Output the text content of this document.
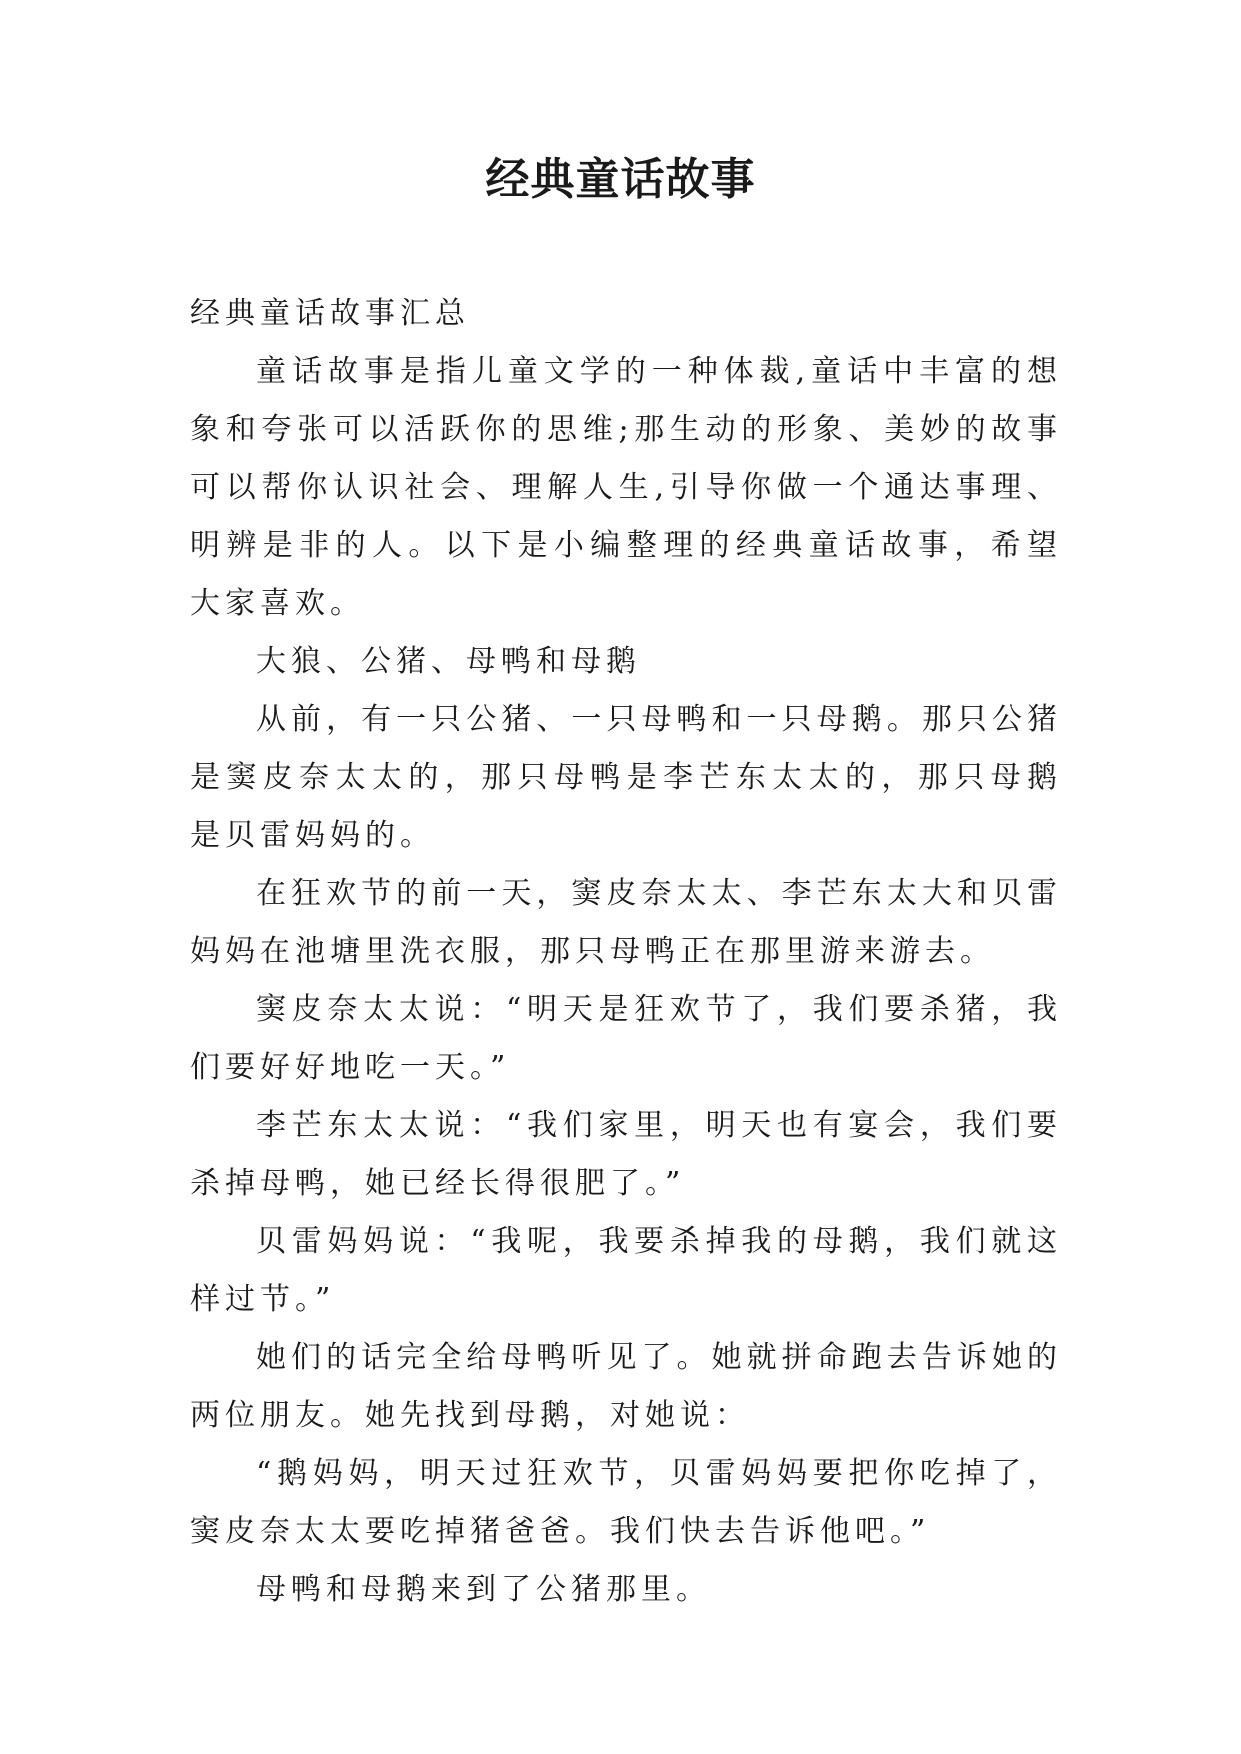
经典童话故事

经典童话故事汇总

童话故事是指儿童文学的一种体裁,童话中丰富的想象和夸张可以活跃你的思维;那生动的形象、美妙的故事可以帮你认识社会、理解人生,引导你做一个通达事理、明辨是非的人。以下是小编整理的经典童话故事，希望大家喜欢。

大狼、公猪、母鸭和母鹅

从前，有一只公猪、一只母鸭和一只母鹅。那只公猪是窦皮奈太太的，那只母鸭是李芒东太太的，那只母鹅是贝雷妈妈的。

在狂欢节的前一天，窦皮奈太太、李芒东太大和贝雷妈妈在池塘里洗衣服，那只母鸭正在那里游来游去。

窦皮奈太太说：“明天是狂欢节了，我们要杀猪，我们要好好地吃一天。”

李芒东太太说：“我们家里，明天也有宴会，我们要杀掉母鸭，她已经长得很肥了。”

贝雷妈妈说：“我呢，我要杀掉我的母鹅，我们就这样过节。”

她们的话完全给母鸭听见了。她就拼命跑去告诉她的两位朋友。她先找到母鹅，对她说：

“鹅妈妈，明天过狂欢节，贝雷妈妈要把你吃掉了，窦皮奈太太要吃掉猪爸爸。我们快去告诉他吧。”

母鸭和母鹅来到了公猪那里。
